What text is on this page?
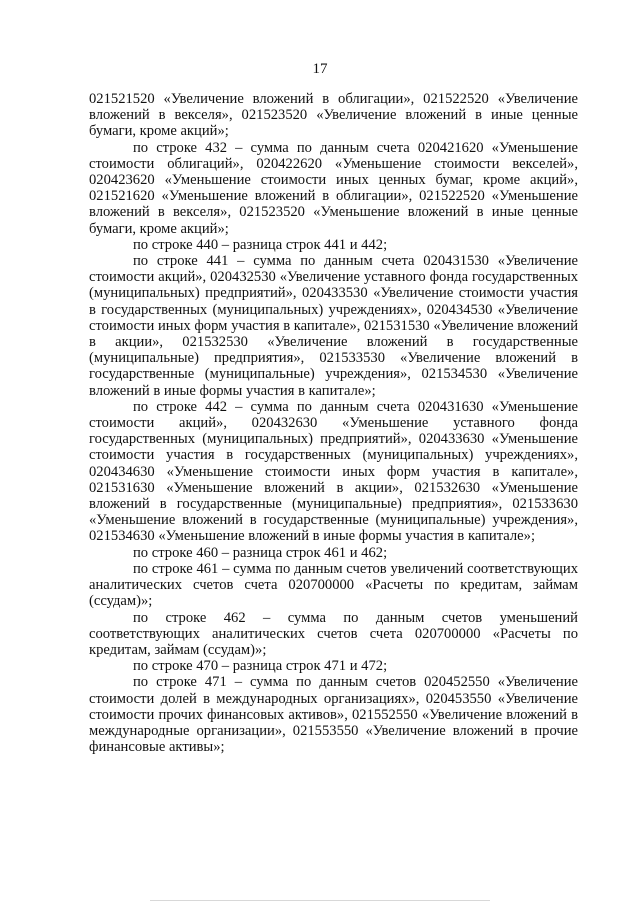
17

021521520 «Увеличение вложений в облигации», 021522520 «Увеличение вложений в векселя», 021523520 «Увеличение вложений в иные ценные бумаги, кроме акций»;

по строке 432 – сумма по данным счета 020421620 «Уменьшение стоимости облигаций», 020422620 «Уменьшение стоимости векселей», 020423620 «Уменьшение стоимости иных ценных бумаг, кроме акций», 021521620 «Уменьшение вложений в облигации», 021522520 «Уменьшение вложений в векселя», 021523520 «Уменьшение вложений в иные ценные бумаги, кроме акций»;

по строке 440 – разница строк 441 и 442;

по строке 441 – сумма по данным счета 020431530 «Увеличение стоимости акций», 020432530 «Увеличение уставного фонда государственных (муниципальных) предприятий», 020433530 «Увеличение стоимости участия в государственных (муниципальных) учреждениях», 020434530 «Увеличение стоимости иных форм участия в капитале», 021531530 «Увеличение вложений в акции», 021532530 «Увеличение вложений в государственные (муниципальные) предприятия», 021533530 «Увеличение вложений в государственные (муниципальные) учреждения», 021534530 «Увеличение вложений в иные формы участия в капитале»;

по строке 442 – сумма по данным счета 020431630 «Уменьшение стоимости акций», 020432630 «Уменьшение уставного фонда государственных (муниципальных) предприятий», 020433630 «Уменьшение стоимости участия в государственных (муниципальных) учреждениях», 020434630 «Уменьшение стоимости иных форм участия в капитале», 021531630 «Уменьшение вложений в акции», 021532630 «Уменьшение вложений в государственные (муниципальные) предприятия», 021533630 «Уменьшение вложений в государственные (муниципальные) учреждения», 021534630 «Уменьшение вложений в иные формы участия в капитале»;

по строке 460 – разница строк 461 и 462;

по строке 461 – сумма по данным счетов увеличений соответствующих аналитических счетов счета 020700000 «Расчеты по кредитам, займам (ссудам)»;

по строке 462 – сумма по данным счетов уменьшений соответствующих аналитических счетов счета 020700000 «Расчеты по кредитам, займам (ссудам)»;

по строке 470 – разница строк 471 и 472;

по строке 471 – сумма по данным счетов 020452550 «Увеличение стоимости долей в международных организациях», 020453550 «Увеличение стоимости прочих финансовых активов», 021552550 «Увеличение вложений в международные организации», 021553550 «Увеличение вложений в прочие финансовые активы»;
